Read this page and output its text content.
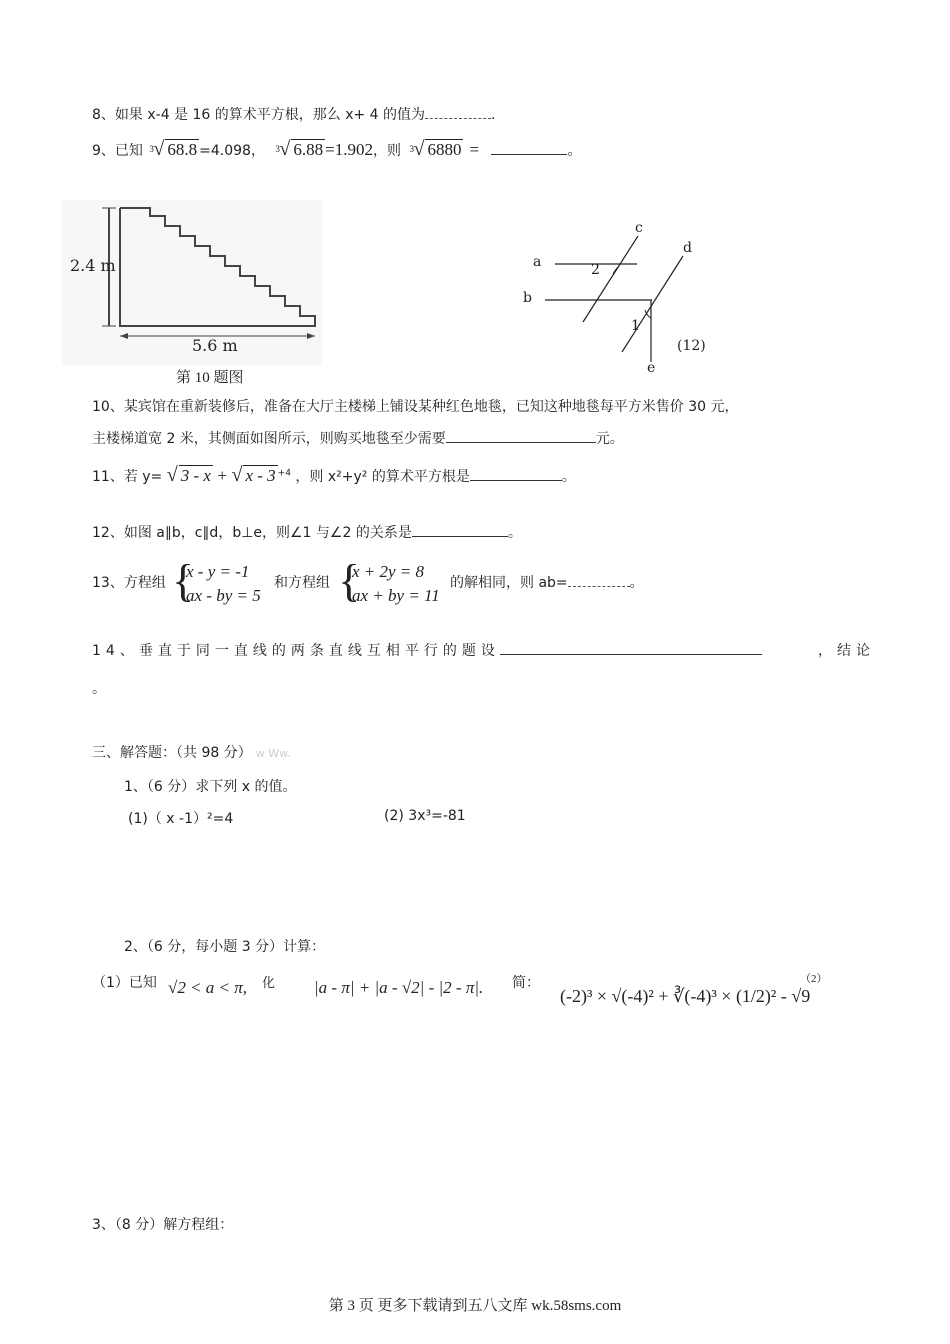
8、如果 x-4 是 16 的算术平方根，那么 x+ 4 的值为	.
9、已知 3 √ 68.8 =4.098， 3 √ 6.88 =1.902，则 3 √ 6880 =	。
2.4 m
5.6 m
第 10 题图
a
b
c
d
e
1
2
(12)
10、某宾馆在重新装修后，准备在大厅主楼梯上铺设某种红色地毯，已知这种地毯每平方米售价 30 元，
主楼梯道宽 2 米，其侧面如图所示，则购买地毯至少需要	元。
11、若 y= √ 3 - x + √ x - 3 $^{+4}$ ，则 x²+y² 的算术平方根是	。
12、如图 a∥b，c∥d，b⊥e，则∠1 与∠2 的关系是	。
13、方程组 {
x - y = -1
ax - by = 5
和方程组 {
x + 2y = 8
ax + by = 11
的解相同，则 ab=	。
14、垂直于同一直线的两条直线互相平行的题设	，结论
。
三、解答题：（共 98 分） w Ww.
1、（6 分）求下列 x 的值。
(1)（ x -1）²=4	(2) 3x³=-81
2、（6 分，每小题 3 分）计算：
（1）已知 √2 < a < π, 化 |a - π| + |a - √2| - |2 - π|. 简：
(-2)³ × √(-4)² + ∛(-4)³ × (1/2)² - √9
（2）
3、（8 分）解方程组：
第 3 页 更多下载请到五八文库 wk.58sms.com
